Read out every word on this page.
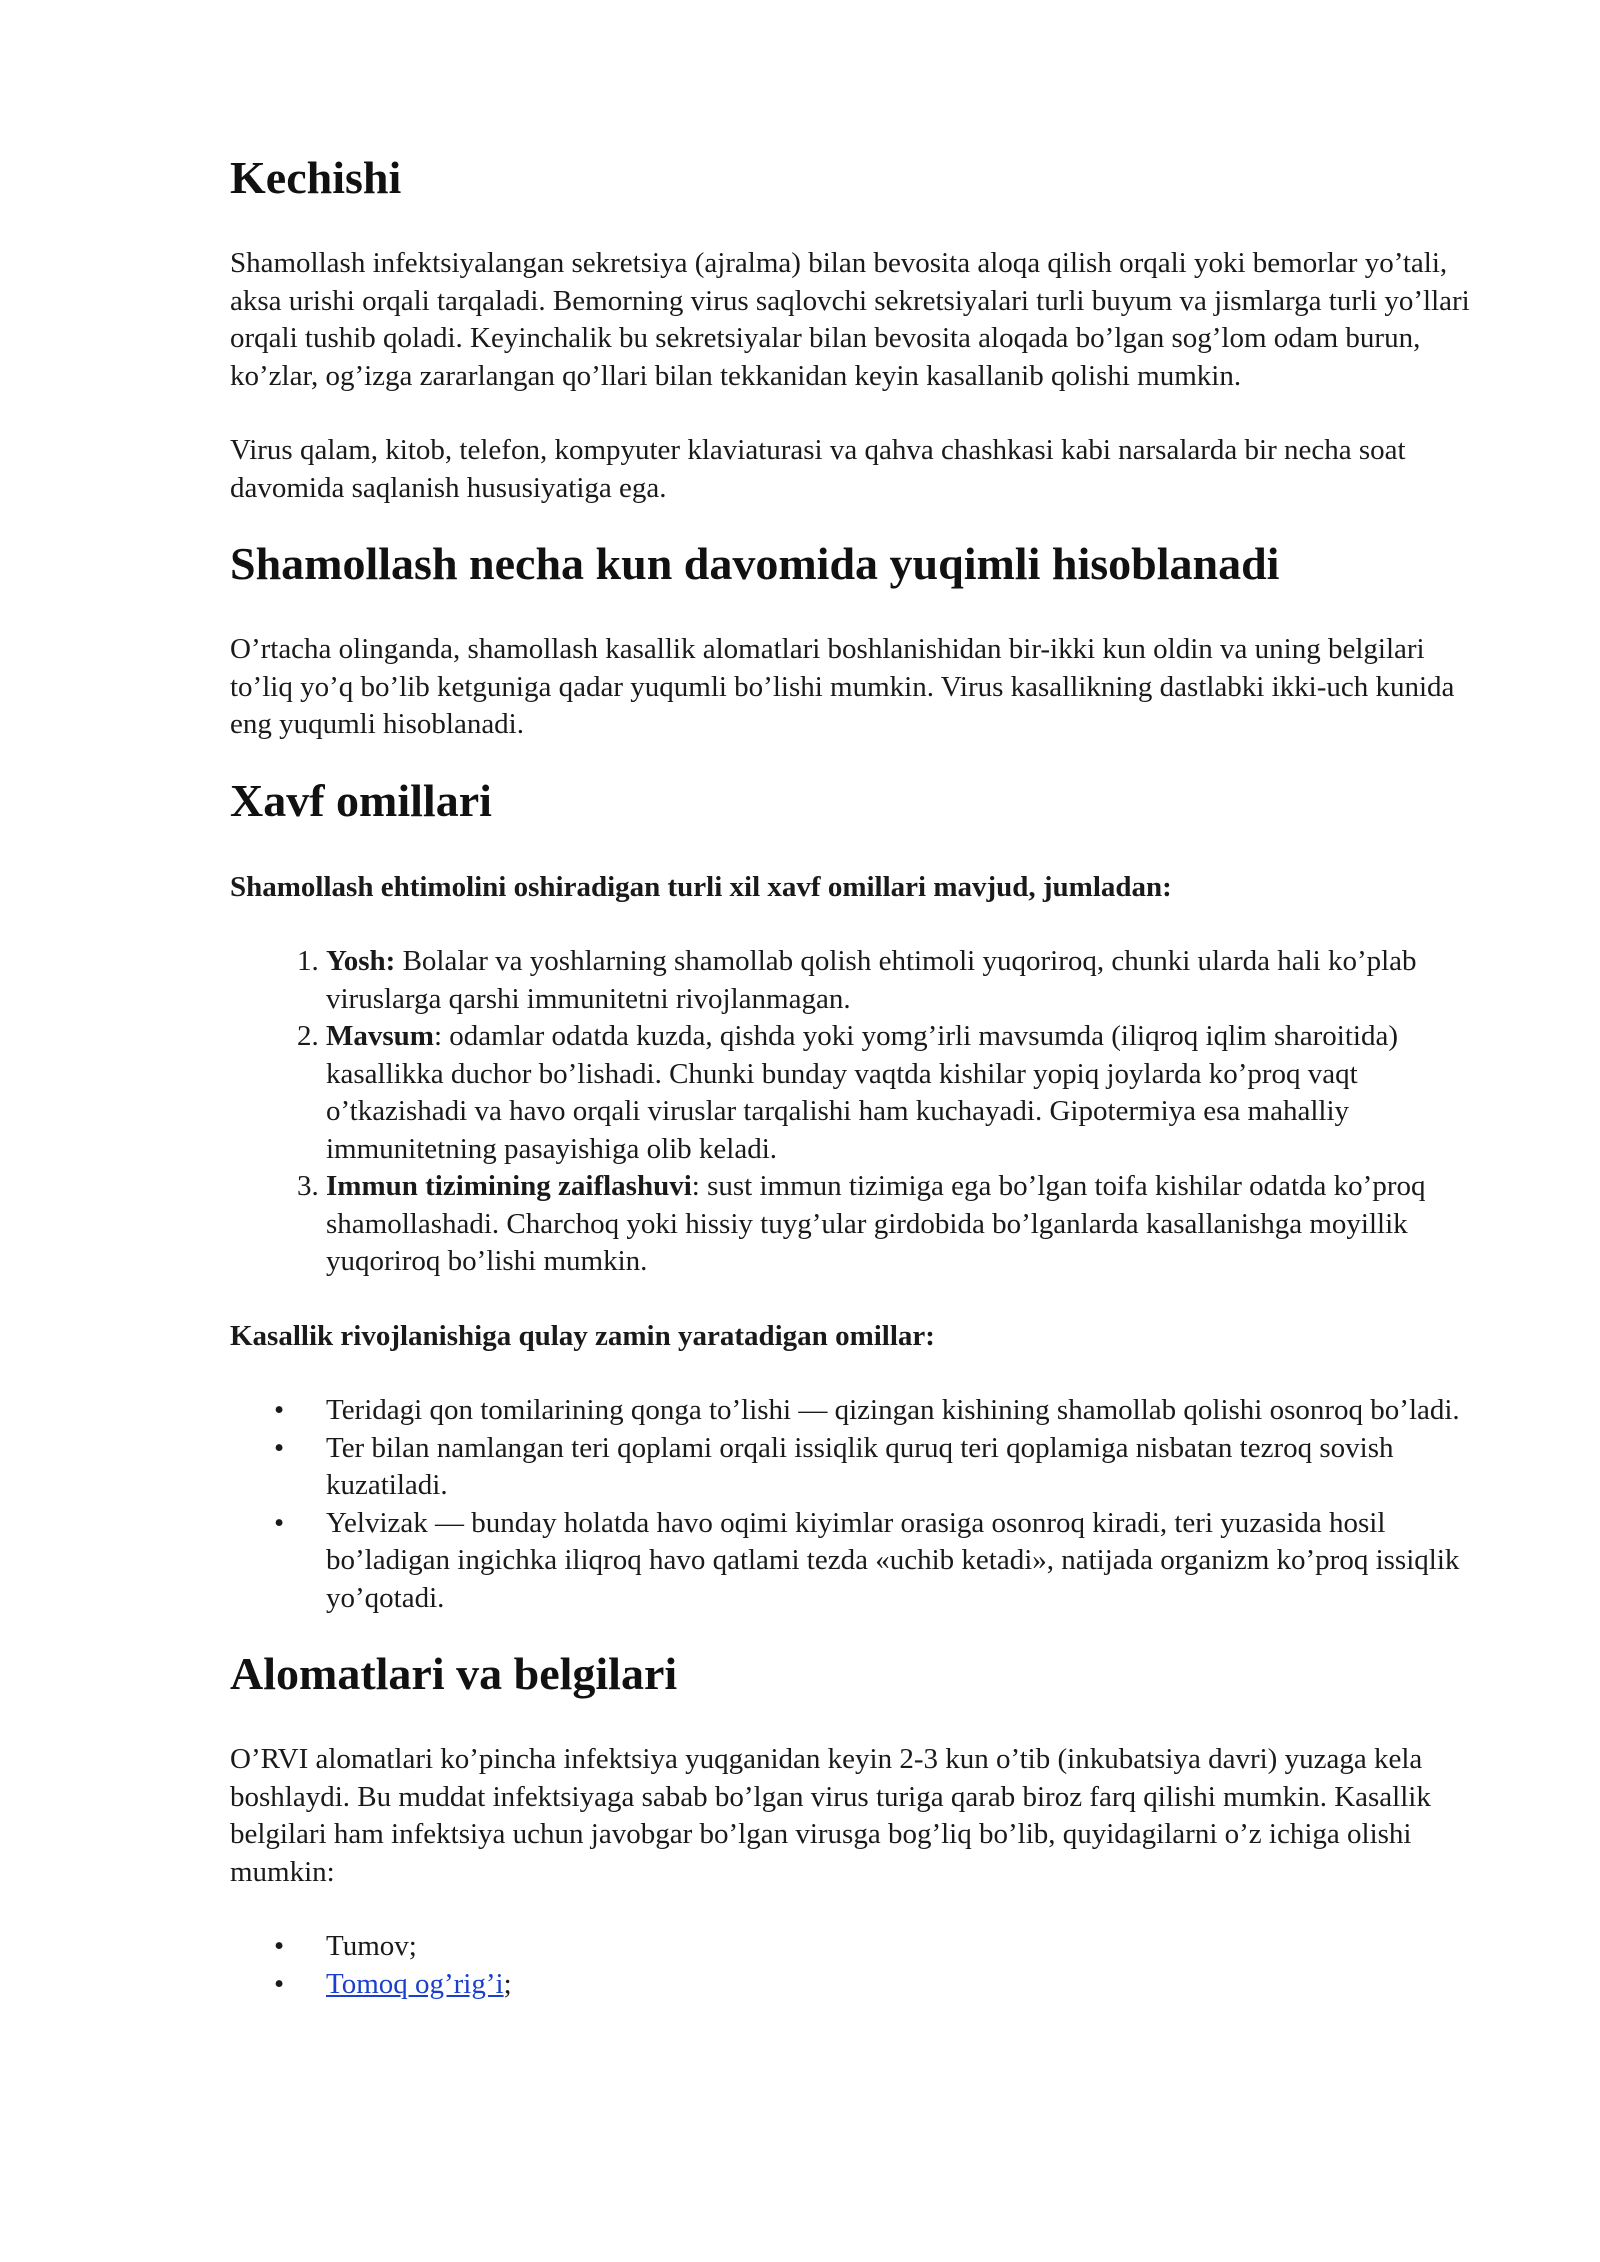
Kechishi

Shamollash infektsiyalangan sekretsiya (ajralma) bilan bevosita aloqa qilish orqali yoki bemorlar yo’tali, aksa urishi orqali tarqaladi. Bemorning virus saqlovchi sekretsiyalari turli buyum va jismlarga turli yo’llari orqali tushib qoladi. Keyinchalik bu sekretsiyalar bilan bevosita aloqada bo’lgan sog’lom odam burun, ko’zlar, og’izga zararlangan qo’llari bilan tekkanidan keyin kasallanib qolishi mumkin.

Virus qalam, kitob, telefon, kompyuter klaviaturasi va qahva chashkasi kabi narsalarda bir necha soat davomida saqlanish hususiyatiga ega.

Shamollash necha kun davomida yuqimli hisoblanadi

O’rtacha olinganda, shamollash kasallik alomatlari boshlanishidan bir-ikki kun oldin va uning belgilari to’liq yo’q bo’lib ketguniga qadar yuqumli bo’lishi mumkin. Virus kasallikning dastlabki ikki-uch kunida eng yuqumli hisoblanadi.

Xavf omillari

Shamollash ehtimolini oshiradigan turli xil xavf omillari mavjud, jumladan:

1. Yosh: Bolalar va yoshlarning shamollab qolish ehtimoli yuqoriroq, chunki ularda hali ko’plab viruslarga qarshi immunitetni rivojlanmagan.
2. Mavsum: odamlar odatda kuzda, qishda yoki yomg’irli mavsumda (iliqroq iqlim sharoitida) kasallikka duchor bo’lishadi. Chunki bunday vaqtda kishilar yopiq joylarda ko’proq vaqt o’tkazishadi va havo orqali viruslar tarqalishi ham kuchayadi. Gipotermiya esa mahalliy immunitetning pasayishiga olib keladi.
3. Immun tizimining zaiflashuvi: sust immun tizimiga ega bo’lgan toifa kishilar odatda ko’proq shamollashadi. Charchoq yoki hissiy tuyg’ular girdobida bo’lganlarda kasallanishga moyillik yuqoriroq bo’lishi mumkin.

Kasallik rivojlanishiga qulay zamin yaratadigan omillar:

• Teridagi qon tomilarining qonga to’lishi — qizingan kishining shamollab qolishi osonroq bo’ladi.
• Ter bilan namlangan teri qoplami orqali issiqlik quruq teri qoplamiga nisbatan tezroq sovish kuzatiladi.
• Yelvizak — bunday holatda havo oqimi kiyimlar orasiga osonroq kiradi, teri yuzasida hosil bo’ladigan ingichka iliqroq havo qatlami tezda «uchib ketadi», natijada organizm ko’proq issiqlik yo’qotadi.
Alomatlari va belgilari

O’RVI alomatlari ko’pincha infektsiya yuqganidan keyin 2-3 kun o’tib (inkubatsiya davri) yuzaga kela boshlaydi. Bu muddat infektsiyaga sabab bo’lgan virus turiga qarab biroz farq qilishi mumkin. Kasallik belgilari ham infektsiya uchun javobgar bo’lgan virusga bog’liq bo’lib, quyidagilarni o’z ichiga olishi mumkin:

• Tumov;
• Tomoq og’rig’i;
